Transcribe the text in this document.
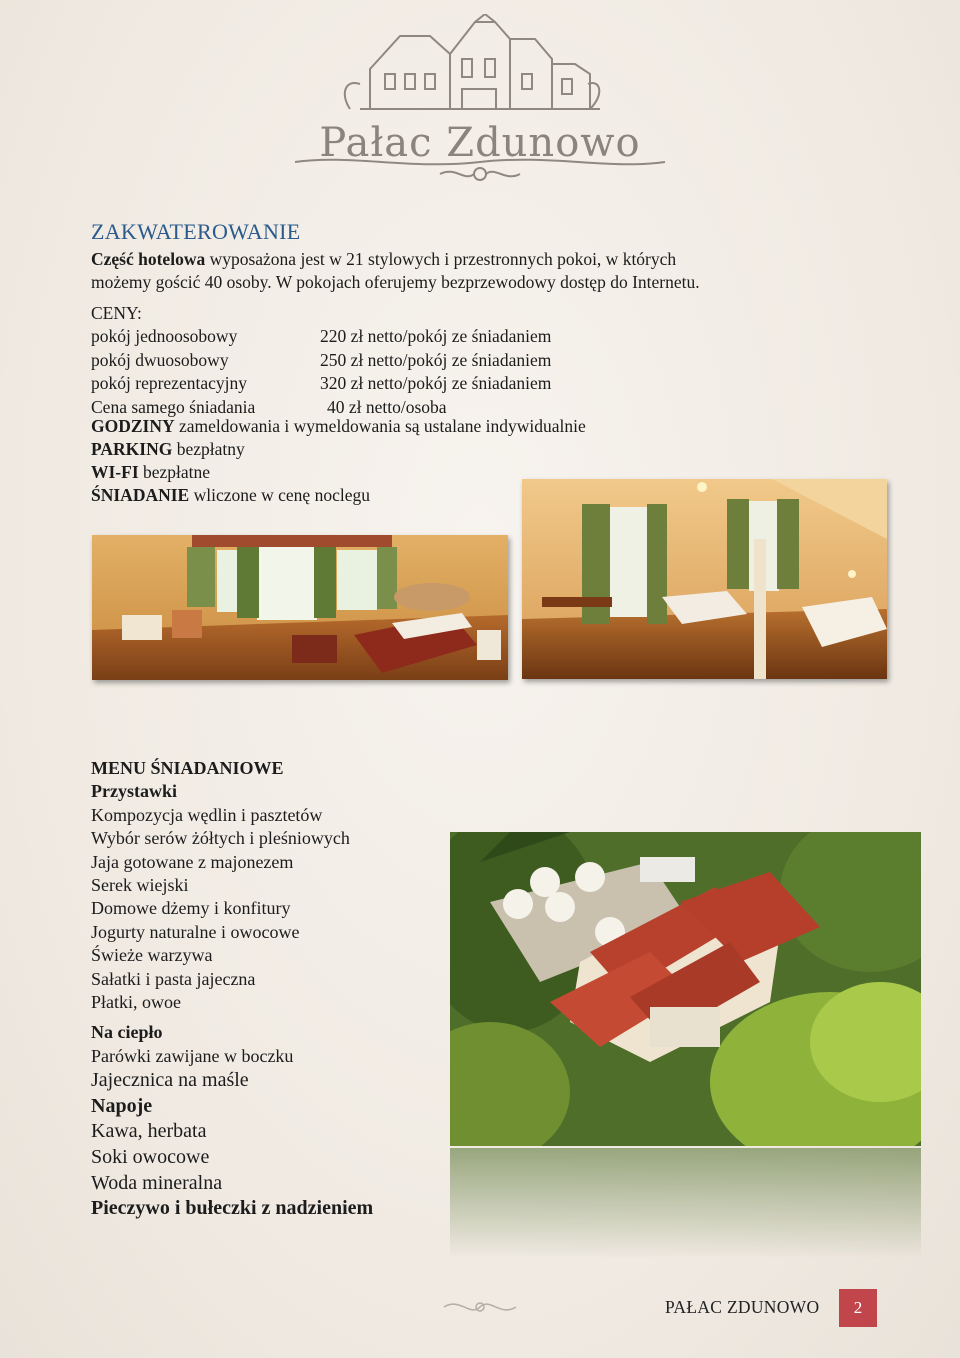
Pałac Zdunowo
ZAKWATEROWANIE
Część hotelowa wyposażona jest w 21 stylowych i przestronnych pokoi, w których
możemy gościć 40 osoby. W pokojach oferujemy bezprzewodowy dostęp do Internetu.
CENY:
pokój jednoosobowy	220 zł netto/pokój ze śniadaniem
pokój dwuosobowy	250 zł netto/pokój ze śniadaniem
pokój reprezentacyjny	320 zł netto/pokój ze śniadaniem
Cena samego śniadania	40 zł netto/osoba
GODZINY zameldowania i wymeldowania są ustalane indywidualnie
PARKING bezpłatny
WI-FI bezpłatne
ŚNIADANIE wliczone w cenę noclegu
MENU ŚNIADANIOWE
Przystawki
Kompozycja wędlin i pasztetów
Wybór serów żółtych i pleśniowych
Jaja gotowane z majonezem
Serek wiejski
Domowe dżemy i konfitury
Jogurty naturalne i owocowe
Świeże warzywa
Sałatki i pasta jajeczna
Płatki, owoe
Na ciepło
Parówki zawijane w boczku
Jajecznica na maśle
Napoje
Kawa, herbata
Soki owocowe
Woda mineralna
Pieczywo i bułeczki z nadzieniem
PAŁAC ZDUNOWO	2
